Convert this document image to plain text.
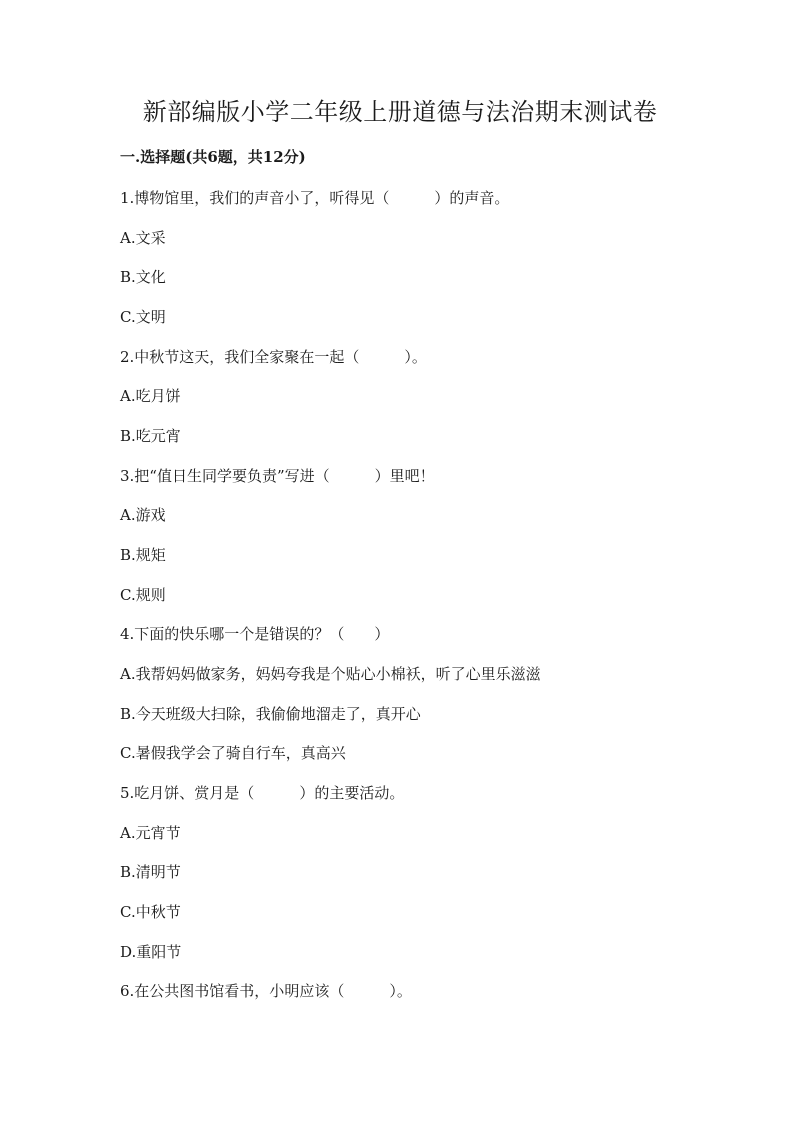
新部编版小学二年级上册道德与法治期末测试卷
一.选择题(共6题，共12分)
1.博物馆里，我们的声音小了，听得见（　　　）的声音。
A.文采
B.文化
C.文明
2.中秋节这天，我们全家聚在一起（　　　）。
A.吃月饼
B.吃元宵
3.把“值日生同学要负责”写进（　　　）里吧！
A.游戏
B.规矩
C.规则
4.下面的快乐哪一个是错误的？（　　）
A.我帮妈妈做家务，妈妈夸我是个贴心小棉袄，听了心里乐滋滋
B.今天班级大扫除，我偷偷地溜走了，真开心
C.暑假我学会了骑自行车，真高兴
5.吃月饼、赏月是（　　　）的主要活动。
A.元宵节
B.清明节
C.中秋节
D.重阳节
6.在公共图书馆看书，小明应该（　　　）。
